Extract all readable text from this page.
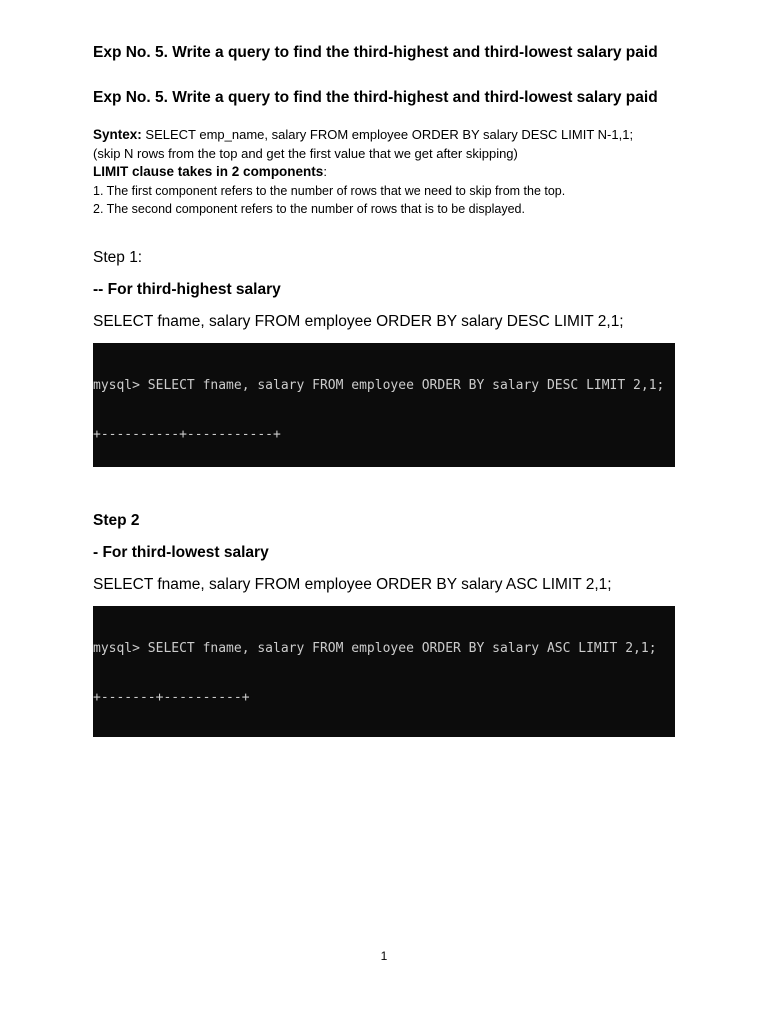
Exp No. 5. Write a query to find the third-highest and third-lowest salary paid
Exp No. 5. Write a query to find the third-highest and third-lowest salary paid
Syntex: SELECT emp_name, salary FROM employee ORDER BY salary DESC LIMIT N-1,1;
(skip N rows from the top and get the first value that we get after skipping)
LIMIT clause takes in 2 components:
1. The first component refers to the number of rows that we need to skip from the top.
2. The second component refers to the number of rows that is to be displayed.
Step 1:
-- For third-highest salary
SELECT fname, salary FROM employee ORDER BY salary DESC LIMIT 2,1;

mysql> SELECT fname, salary FROM employee ORDER BY salary DESC LIMIT 2,1;

+----------+-----------+

Step 2
- For third-lowest salary
SELECT fname, salary FROM employee ORDER BY salary ASC LIMIT 2,1;

mysql> SELECT fname, salary FROM employee ORDER BY salary ASC LIMIT 2,1;

+-------+----------+

1
